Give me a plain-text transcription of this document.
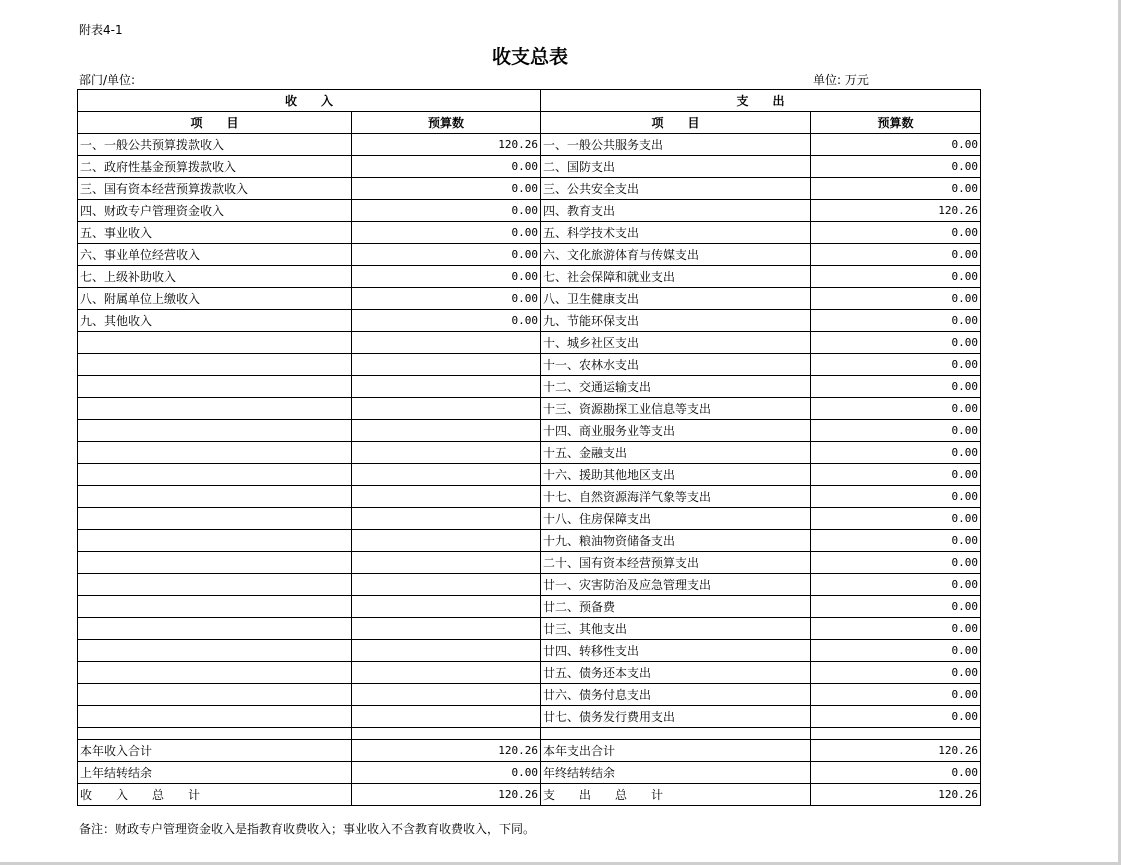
附表4-1
收支总表
部门/单位:	单位: 万元
收　　入		支　　出	
项　　目	预算数	项　　目	预算数
一、一般公共预算拨款收入	120.26	一、一般公共服务支出	0.00
二、政府性基金预算拨款收入	0.00	二、国防支出	0.00
三、国有资本经营预算拨款收入	0.00	三、公共安全支出	0.00
四、财政专户管理资金收入	0.00	四、教育支出	120.26
五、事业收入	0.00	五、科学技术支出	0.00
六、事业单位经营收入	0.00	六、文化旅游体育与传媒支出	0.00
七、上级补助收入	0.00	七、社会保障和就业支出	0.00
八、附属单位上缴收入	0.00	八、卫生健康支出	0.00
九、其他收入	0.00	九、节能环保支出	0.00
		十、城乡社区支出	0.00
		十一、农林水支出	0.00
		十二、交通运输支出	0.00
		十三、资源勘探工业信息等支出	0.00
		十四、商业服务业等支出	0.00
		十五、金融支出	0.00
		十六、援助其他地区支出	0.00
		十七、自然资源海洋气象等支出	0.00
		十八、住房保障支出	0.00
		十九、粮油物资储备支出	0.00
		二十、国有资本经营预算支出	0.00
		廿一、灾害防治及应急管理支出	0.00
		廿二、预备费	0.00
		廿三、其他支出	0.00
		廿四、转移性支出	0.00
		廿五、债务还本支出	0.00
		廿六、债务付息支出	0.00
		廿七、债务发行费用支出	0.00

本年收入合计	120.26	本年支出合计	120.26
上年结转结余	0.00	年终结转结余	0.00
收　　入　　总　　计	120.26	支　　出　　总　　计	120.26
备注：财政专户管理资金收入是指教育收费收入；事业收入不含教育收费收入，下同。
